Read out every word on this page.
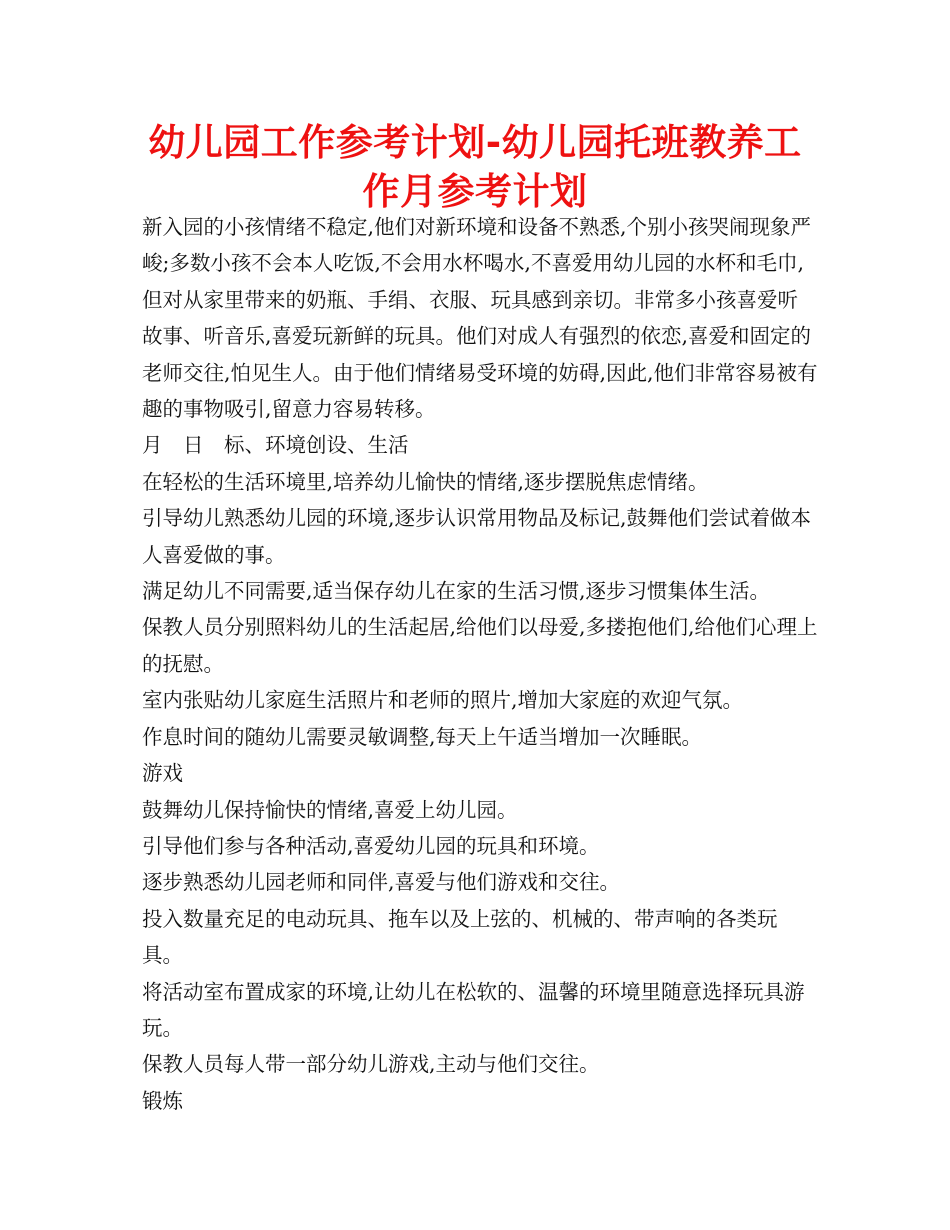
幼儿园工作参考计划-幼儿园托班教养工作月参考计划

新入园的小孩情绪不稳定,他们对新环境和设备不熟悉,个别小孩哭闹现象严峻;多数小孩不会本人吃饭,不会用水杯喝水,不喜爱用幼儿园的水杯和毛巾,但对从家里带来的奶瓶、手绢、衣服、玩具感到亲切。非常多小孩喜爱听故事、听音乐,喜爱玩新鲜的玩具。他们对成人有强烈的依恋,喜爱和固定的老师交往,怕见生人。由于他们情绪易受环境的妨碍,因此,他们非常容易被有趣的事物吸引,留意力容易转移。

月　日　标、环境创设、生活

在轻松的生活环境里,培养幼儿愉快的情绪,逐步摆脱焦虑情绪。

引导幼儿熟悉幼儿园的环境,逐步认识常用物品及标记,鼓舞他们尝试着做本人喜爱做的事。

满足幼儿不同需要,适当保存幼儿在家的生活习惯,逐步习惯集体生活。

保教人员分别照料幼儿的生活起居,给他们以母爱,多搂抱他们,给他们心理上的抚慰。

室内张贴幼儿家庭生活照片和老师的照片,增加大家庭的欢迎气氛。

作息时间的随幼儿需要灵敏调整,每天上午适当增加一次睡眠。

游戏

鼓舞幼儿保持愉快的情绪,喜爱上幼儿园。

引导他们参与各种活动,喜爱幼儿园的玩具和环境。

逐步熟悉幼儿园老师和同伴,喜爱与他们游戏和交往。

投入数量充足的电动玩具、拖车以及上弦的、机械的、带声响的各类玩具。

将活动室布置成家的环境,让幼儿在松软的、温馨的环境里随意选择玩具游玩。

保教人员每人带一部分幼儿游戏,主动与他们交往。

锻炼
